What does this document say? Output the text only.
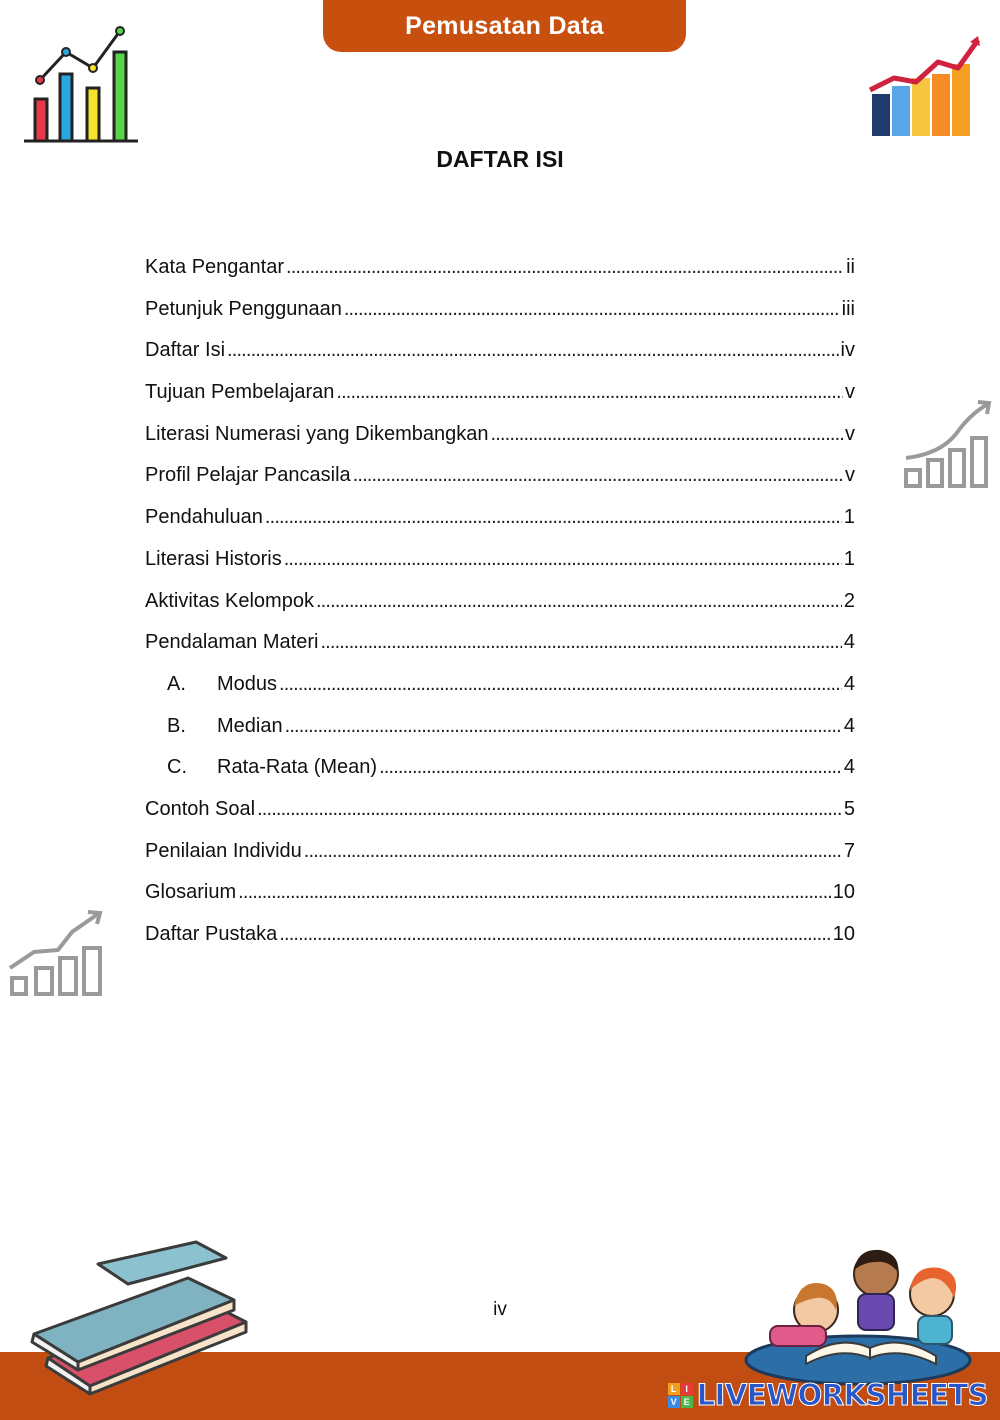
Pemusatan Data
DAFTAR ISI
Kata Pengantar . . .	ii
Petunjuk Penggunaan . . .	iii
Daftar Isi . . .	iv
Tujuan Pembelajaran . . .	v
Literasi Numerasi yang Dikembangkan . . .	v
Profil Pelajar Pancasila . . .	v
Pendahuluan . . .	1
Literasi Historis . . .	1
Aktivitas Kelompok . . .	2
Pendalaman Materi . . .	4
A.	Modus . . .	4
B.	Median . . .	4
C.	Rata-Rata (Mean) . . .	4
Contoh Soal . . .	5
Penilaian Individu . . .	7
Glosarium . . .	10
Daftar Pustaka . . .	10
iv
L I
V E LIVEWORKSHEETS
